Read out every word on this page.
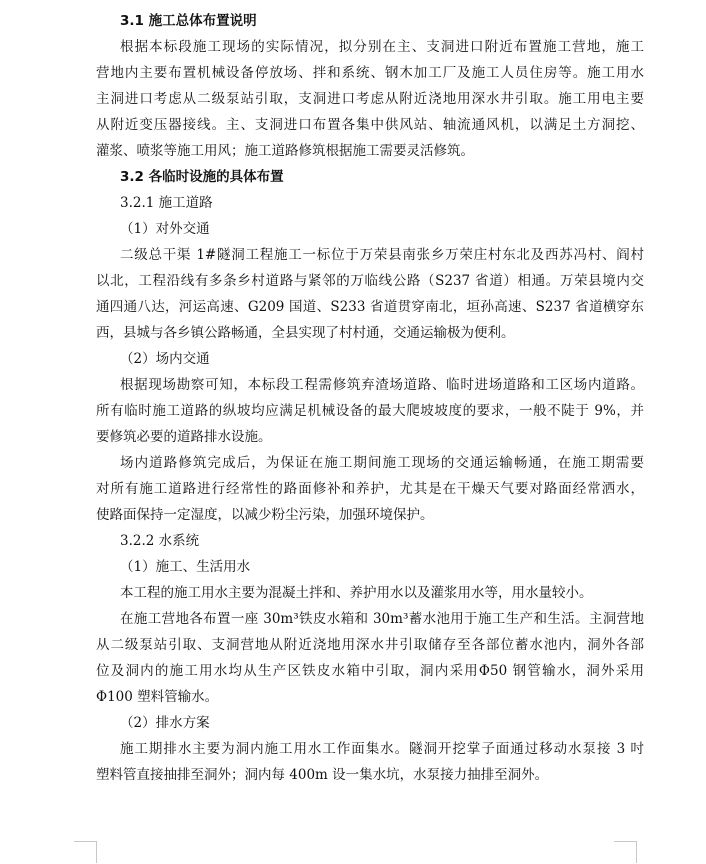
3.1 施工总体布置说明
根据本标段施工现场的实际情况，拟分别在主、支洞进口附近布置施工营地，施工
营地内主要布置机械设备停放场、拌和系统、钢木加工厂及施工人员住房等。施工用水
主洞进口考虑从二级泵站引取，支洞进口考虑从附近浇地用深水井引取。施工用电主要
从附近变压器接线。主、支洞进口布置各集中供风站、轴流通风机，以满足土方洞挖、
灌浆、喷浆等施工用风；施工道路修筑根据施工需要灵活修筑。
3.2 各临时设施的具体布置
3.2.1 施工道路
（1）对外交通
二级总干渠 1#隧洞工程施工一标位于万荣县南张乡万荣庄村东北及西苏冯村、阎村
以北，工程沿线有多条乡村道路与紧邻的万临线公路（S237 省道）相通。万荣县境内交
通四通八达，河运高速、G209 国道、S233 省道贯穿南北，垣孙高速、S237 省道横穿东
西，县城与各乡镇公路畅通，全县实现了村村通，交通运输极为便利。
（2）场内交通
根据现场勘察可知，本标段工程需修筑弃渣场道路、临时进场道路和工区场内道路。
所有临时施工道路的纵坡均应满足机械设备的最大爬坡坡度的要求，一般不陡于 9%，并
要修筑必要的道路排水设施。
场内道路修筑完成后，为保证在施工期间施工现场的交通运输畅通，在施工期需要
对所有施工道路进行经常性的路面修补和养护，尤其是在干燥天气要对路面经常洒水，
使路面保持一定湿度，以减少粉尘污染，加强环境保护。
3.2.2 水系统
（1）施工、生活用水
本工程的施工用水主要为混凝土拌和、养护用水以及灌浆用水等，用水量较小。
在施工营地各布置一座 30m³铁皮水箱和 30m³蓄水池用于施工生产和生活。主洞营地
从二级泵站引取、支洞营地从附近浇地用深水井引取储存至各部位蓄水池内，洞外各部
位及洞内的施工用水均从生产区铁皮水箱中引取，洞内采用Φ50 钢管输水，洞外采用
Φ100 塑料管输水。
（2）排水方案
施工期排水主要为洞内施工用水工作面集水。隧洞开挖掌子面通过移动水泵接 3 吋
塑料管直接抽排至洞外；洞内每 400m 设一集水坑，水泵接力抽排至洞外。
